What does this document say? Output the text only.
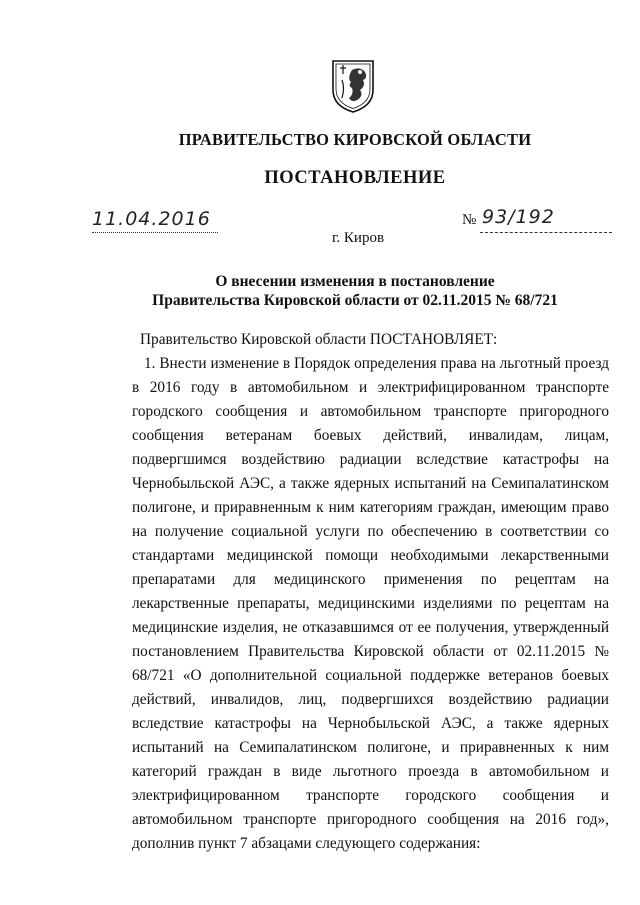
ПРАВИТЕЛЬСТВО КИРОВСКОЙ ОБЛАСТИ
ПОСТАНОВЛЕНИЕ
11.04.2016	№ 93/192
г. Киров
О внесении изменения в постановление
Правительства Кировской области от 02.11.2015 № 68/721

Правительство Кировской области ПОСТАНОВЛЯЕТ:

1. Внести изменение в Порядок определения права на льготный проезд в 2016 году в автомобильном и электрифицированном транспорте городского сообщения и автомобильном транспорте пригородного сообщения ветеранам боевых действий, инвалидам, лицам, подвергшимся воздействию радиации вследствие катастрофы на Чернобыльской АЭС, а также ядерных испытаний на Семипалатинском полигоне, и приравненным к ним категориям граждан, имеющим право на получение социальной услуги по обеспечению в соответствии со стандартами медицинской помощи необходимыми лекарственными препаратами для медицинского применения по рецептам на лекарственные препараты, медицинскими изделиями по рецептам на медицинские изделия, не отказавшимся от ее получения, утвержденный постановлением Правительства Кировской области от 02.11.2015 № 68/721 «О дополнительной социальной поддержке ветеранов боевых действий, инвалидов, лиц, подвергшихся воздействию радиации вследствие катастрофы на Чернобыльской АЭС, а также ядерных испытаний на Семипалатинском полигоне, и приравненных к ним категорий граждан в виде льготного проезда в автомобильном и электрифицированном транспорте городского сообщения и автомобильном транспорте пригородного сообщения на 2016 год», дополнив пункт 7 абзацами следующего содержания:
